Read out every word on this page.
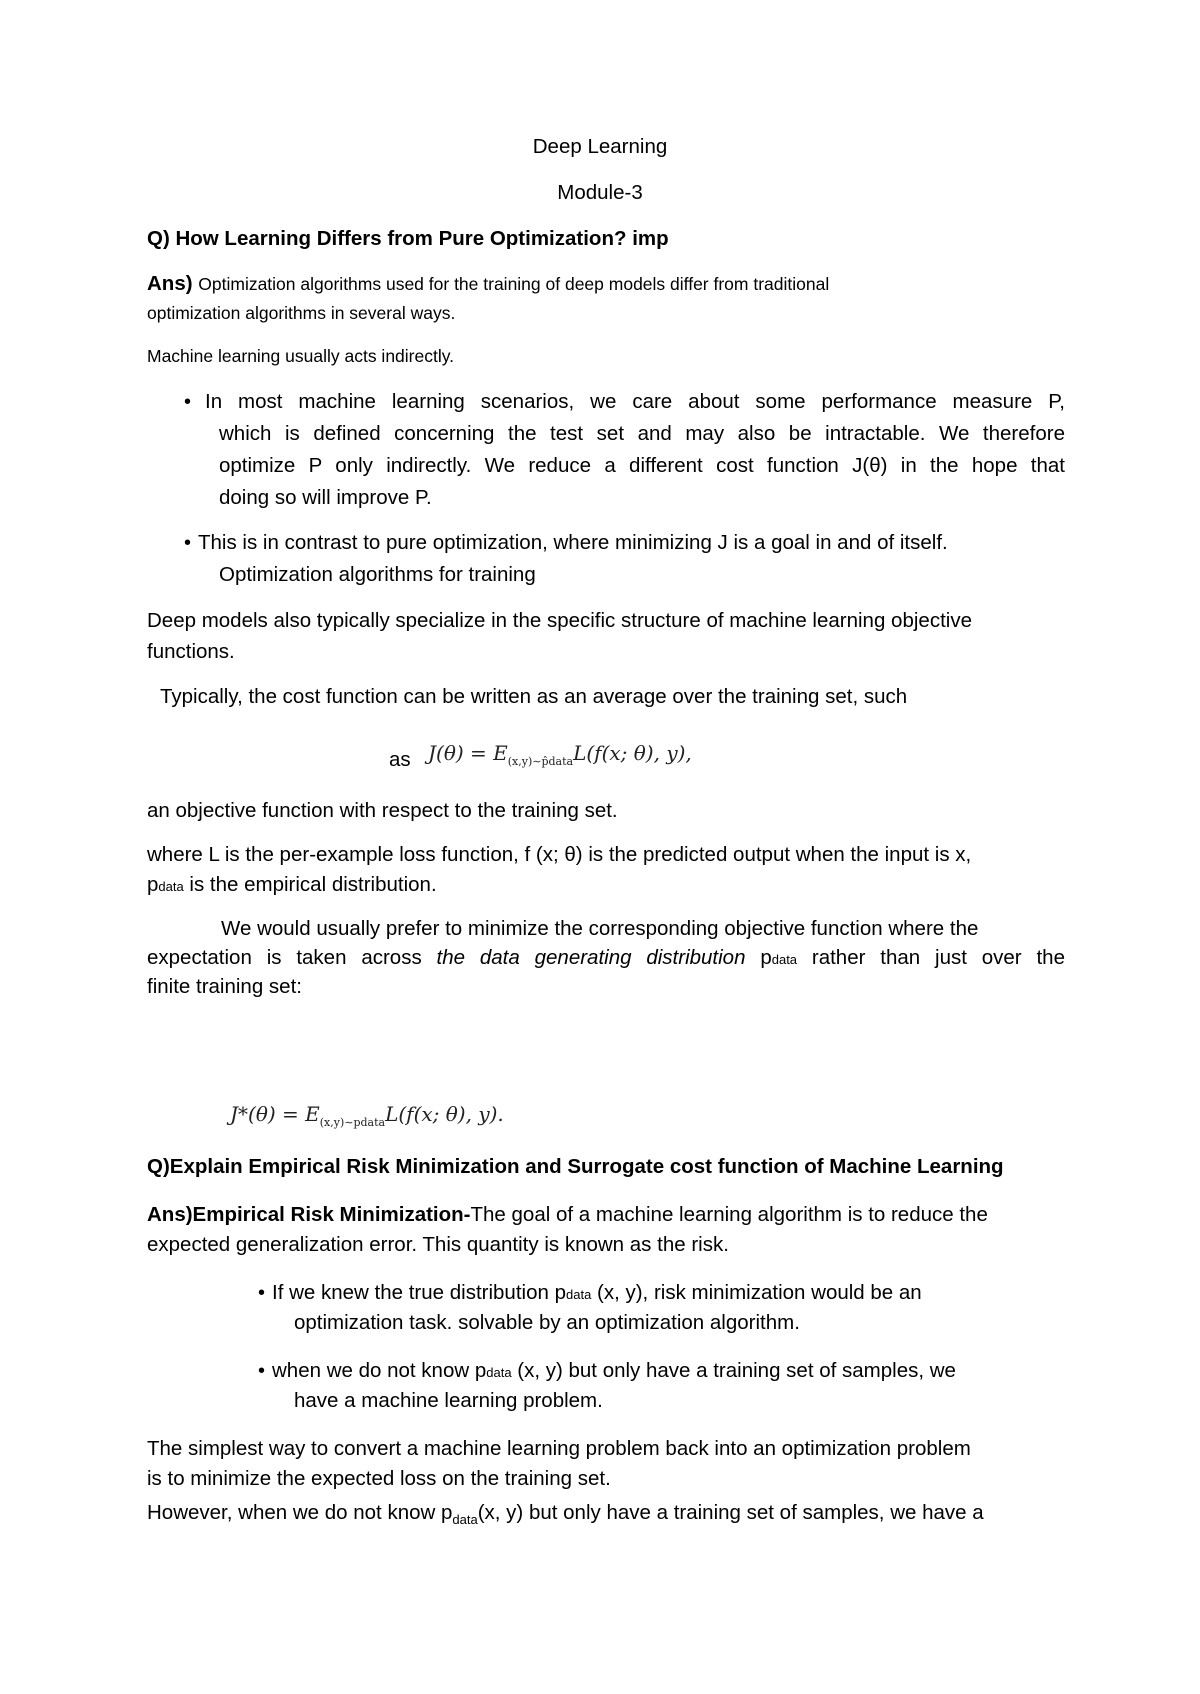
Deep Learning
Module-3
Q) How Learning Differs from Pure Optimization? imp
Ans) Optimization algorithms used for the training of deep models differ from traditional
optimization algorithms in several ways.
Machine learning usually acts indirectly.
• In most machine learning scenarios, we care about some performance measure P,
which is defined concerning the test set and may also be intractable. We therefore
optimize P only indirectly. We reduce a different cost function J(θ) in the hope that
doing so will improve P.
• This is in contrast to pure optimization, where minimizing J is a goal in and of itself.
Optimization algorithms for training
Deep models also typically specialize in the specific structure of machine learning objective
functions.
Typically, the cost function can be written as an average over the training set, such
as $J(\theta) = E_{(x,y)\sim p̂data}L(f(x$; θ), y),
an objective function with respect to the training set.
where L is the per-example loss function, f (x; θ) is the predicted output when the input is x,
pdata is the empirical distribution.
We would usually prefer to minimize the corresponding objective function where the
expectation is taken across the data generating distribution pdata rather than just over the
finite training set:
$J*(\theta) = E_{(x,y)\sim pdata}L(f(x$; θ), y).
Q)Explain Empirical Risk Minimization and Surrogate cost function of Machine Learning
Ans)Empirical Risk Minimization-The goal of a machine learning algorithm is to reduce the
expected generalization error. This quantity is known as the risk.
• If we knew the true distribution pdata (x, y), risk minimization would be an
optimization task. solvable by an optimization algorithm.
• when we do not know pdata (x, y) but only have a training set of samples, we
have a machine learning problem.
The simplest way to convert a machine learning problem back into an optimization problem
is to minimize the expected loss on the training set.
However, when we do not know $p_{data}(x$, y) but only have a training set of samples, we have a
